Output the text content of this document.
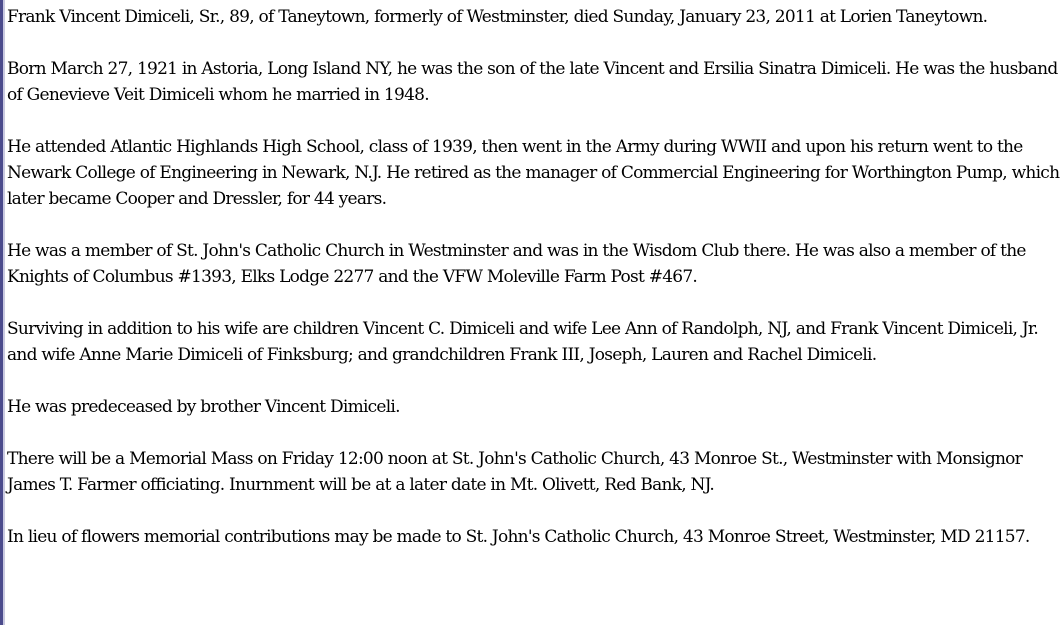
Frank Vincent Dimiceli, Sr., 89, of Taneytown, formerly of Westminster, died Sunday, January 23, 2011 at Lorien Taneytown.

Born March 27, 1921 in Astoria, Long Island NY, he was the son of the late Vincent and Ersilia Sinatra Dimiceli. He was the husband of Genevieve Veit Dimiceli whom he married in 1948.

He attended Atlantic Highlands High School, class of 1939, then went in the Army during WWII and upon his return went to the Newark College of Engineering in Newark, N.J. He retired as the manager of Commercial Engineering for Worthington Pump, which later became Cooper and Dressler, for 44 years.

He was a member of St. John's Catholic Church in Westminster and was in the Wisdom Club there. He was also a member of the Knights of Columbus #1393, Elks Lodge 2277 and the VFW Moleville Farm Post #467.

Surviving in addition to his wife are children Vincent C. Dimiceli and wife Lee Ann of Randolph, NJ, and Frank Vincent Dimiceli, Jr. and wife Anne Marie Dimiceli of Finksburg; and grandchildren Frank III, Joseph, Lauren and Rachel Dimiceli.

He was predeceased by brother Vincent Dimiceli.

There will be a Memorial Mass on Friday 12:00 noon at St. John's Catholic Church, 43 Monroe St., Westminster with Monsignor James T. Farmer officiating. Inurnment will be at a later date in Mt. Olivett, Red Bank, NJ.

In lieu of flowers memorial contributions may be made to St. John's Catholic Church, 43 Monroe Street, Westminster, MD 21157.
